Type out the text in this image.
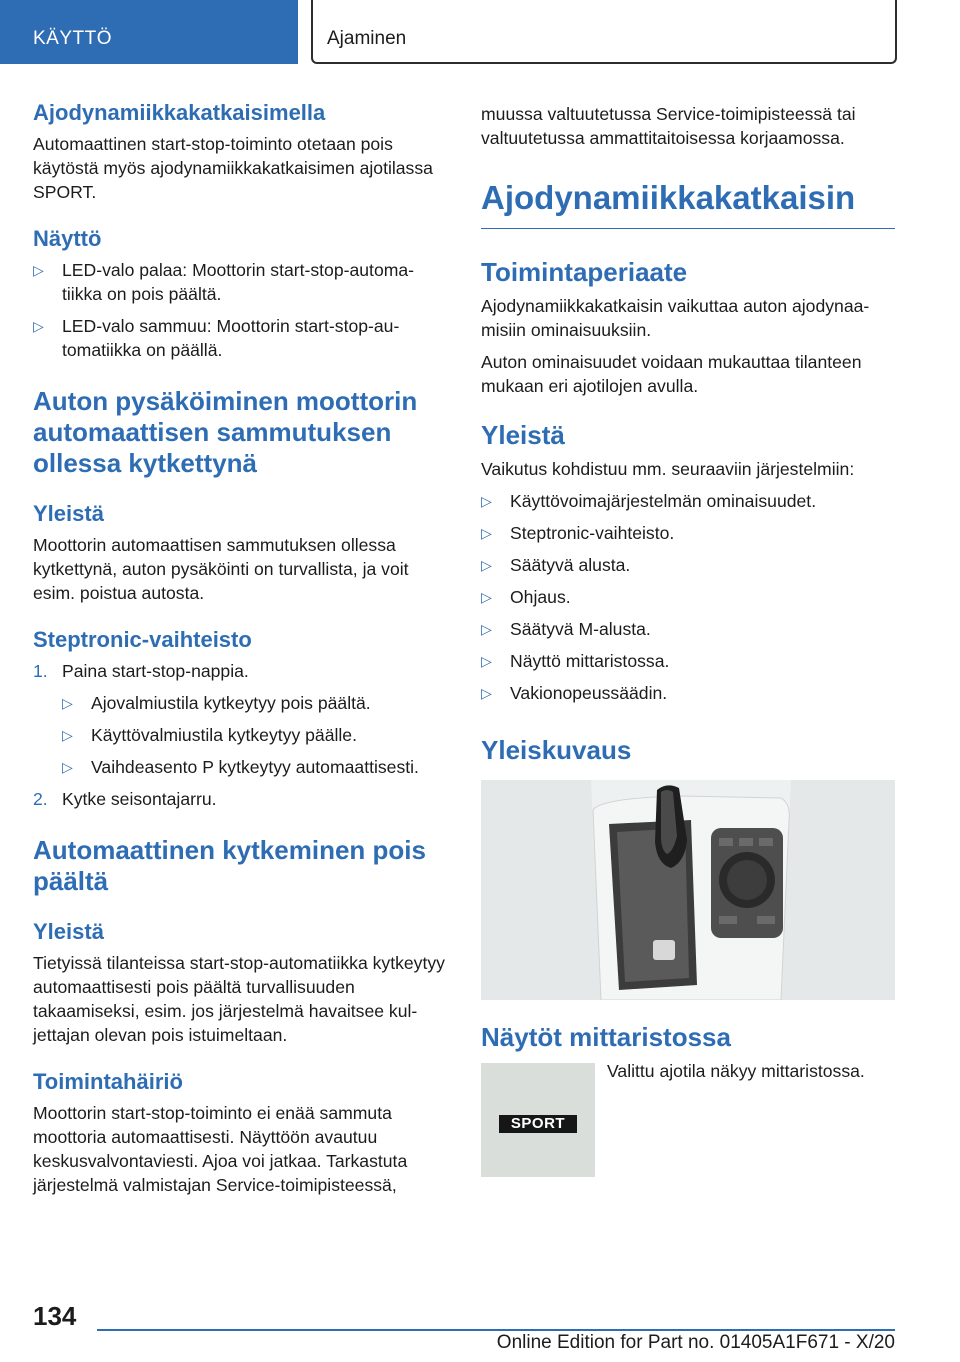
KÄYTTÖ	Ajaminen
Ajodynamiikkakatkaisimella

Automaattinen start-stop-toiminto otetaan pois käytöstä myös ajodynamiikkakatkaisimen ajotilassa SPORT.

Näyttö
▷ LED-valo palaa: Moottorin start-stop-automatiikka on pois päältä.
▷ LED-valo sammuu: Moottorin start-stop-automatiikka on päällä.
Auton pysäköiminen moottorin automaattisen sammutuksen ollessa kytkettynä
Yleistä

Moottorin automaattisen sammutuksen ollessa kytkettynä, auton pysäköinti on turvallista, ja voit esim. poistua autosta.

Steptronic-vaihteisto
1. Paina start-stop-nappia.
▷ Ajovalmiustila kytkeytyy pois päältä.
▷ Käyttövalmiustila kytkeytyy päälle.
▷ Vaihdeasento P kytkeytyy automaattisesti.
2. Kytke seisontajarru.
Automaattinen kytkeminen pois päältä
Yleistä

Tietyissä tilanteissa start-stop-automatiikka kytkeytyy automaattisesti pois päältä turvallisuuden takaamiseksi, esim. jos järjestelmä havaitsee kuljettajan olevan pois istuimeltaan.

Toimintahäiriö

Moottorin start-stop-toiminto ei enää sammuta moottoria automaattisesti. Näyttöön avautuu keskusvalvontaviesti. Ajoa voi jatkaa. Tarkastuta järjestelmä valmistajan Service-toimipisteessä,

muussa valtuutetussa Service-toimipisteessä tai valtuutetussa ammattitaitoisessa korjaamossa.

Ajodynamiikkakatkaisin
Toimintaperiaate

Ajodynamiikkakatkaisin vaikuttaa auton ajodynaamisiin ominaisuuksiin.

Auton ominaisuudet voidaan mukauttaa tilanteen mukaan eri ajotilojen avulla.

Yleistä

Vaikutus kohdistuu mm. seuraaviin järjestelmiin:

▷ Käyttövoimajärjestelmän ominaisuudet.
▷ Steptronic-vaihteisto.
▷ Säätyvä alusta.
▷ Ohjaus.
▷ Säätyvä M-alusta.
▷ Näyttö mittaristossa.
▷ Vakionopeussäädin.
Yleiskuvaus
Näytöt mittaristossa
SPORT
Valittu ajotila näkyy mittaristossa.
134
Online Edition for Part no. 01405A1F671 - X/20
